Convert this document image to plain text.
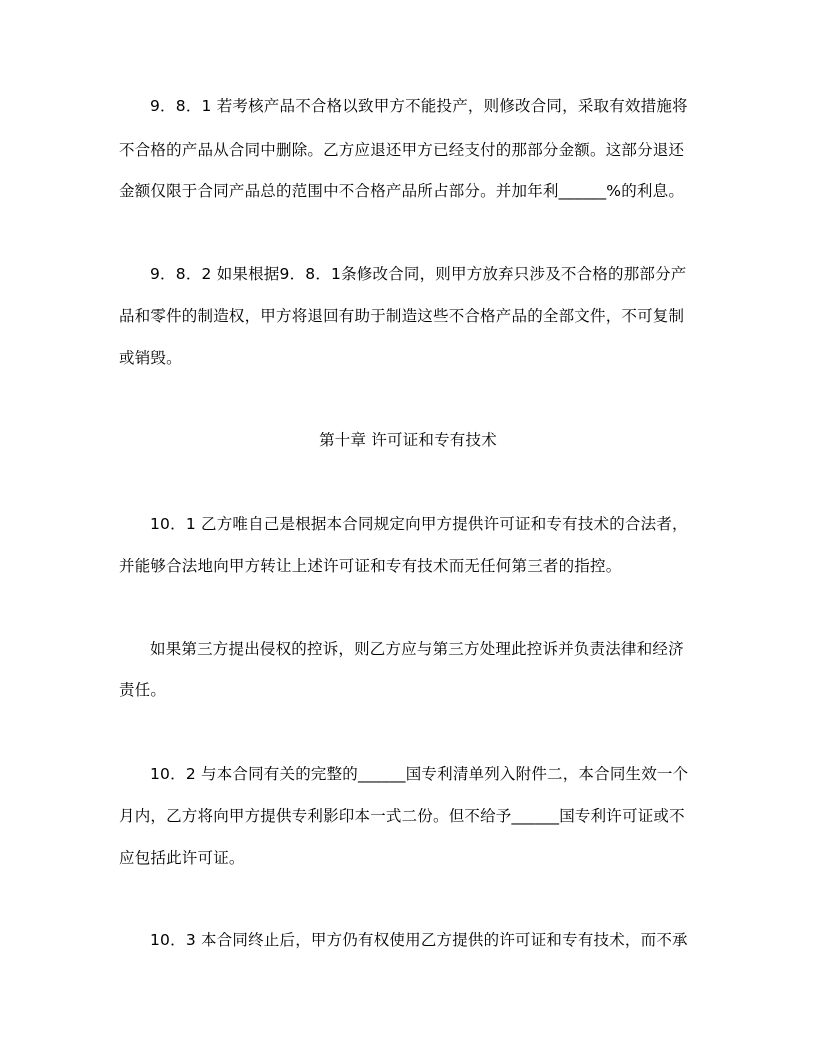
9．8．1 若考核产品不合格以致甲方不能投产，则修改合同，采取有效措施将
不合格的产品从合同中删除。乙方应退还甲方已经支付的那部分金额。这部分退还
金额仅限于合同产品总的范围中不合格产品所占部分。并加年利______%的利息。
9．8．2 如果根据9．8．1条修改合同，则甲方放弃只涉及不合格的那部分产
品和零件的制造权，甲方将退回有助于制造这些不合格产品的全部文件，不可复制
或销毁。
第十章 许可证和专有技术
10．1 乙方唯自己是根据本合同规定向甲方提供许可证和专有技术的合法者，
并能够合法地向甲方转让上述许可证和专有技术而无任何第三者的指控。
如果第三方提出侵权的控诉，则乙方应与第三方处理此控诉并负责法律和经济
责任。
10．2 与本合同有关的完整的______国专利清单列入附件二，本合同生效一个
月内，乙方将向甲方提供专利影印本一式二份。但不给予______国专利许可证或不
应包括此许可证。
10．3 本合同终止后，甲方仍有权使用乙方提供的许可证和专有技术，而不承
